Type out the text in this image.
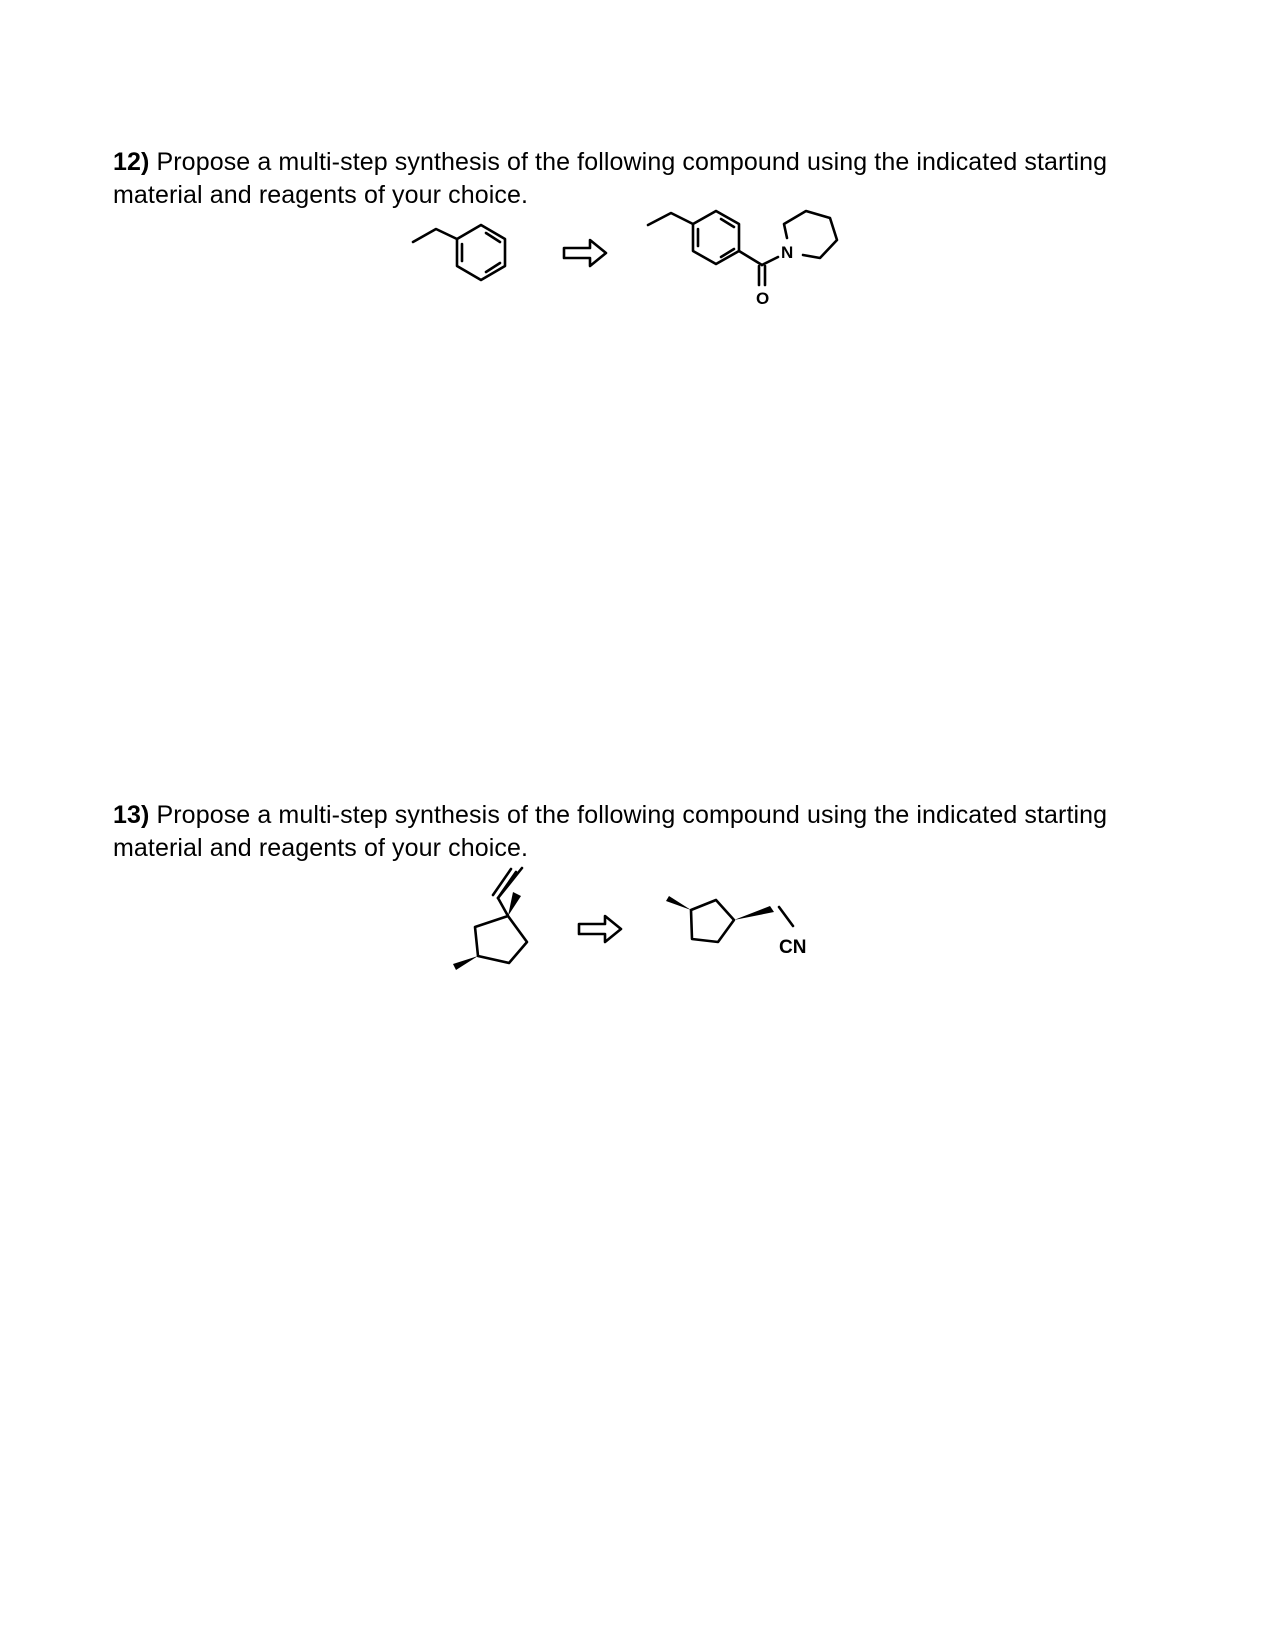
12) Propose a multi-step synthesis of the following compound using the indicated starting material and reagents of your choice.
N
O
13) Propose a multi-step synthesis of the following compound using the indicated starting material and reagents of your choice.
CN
